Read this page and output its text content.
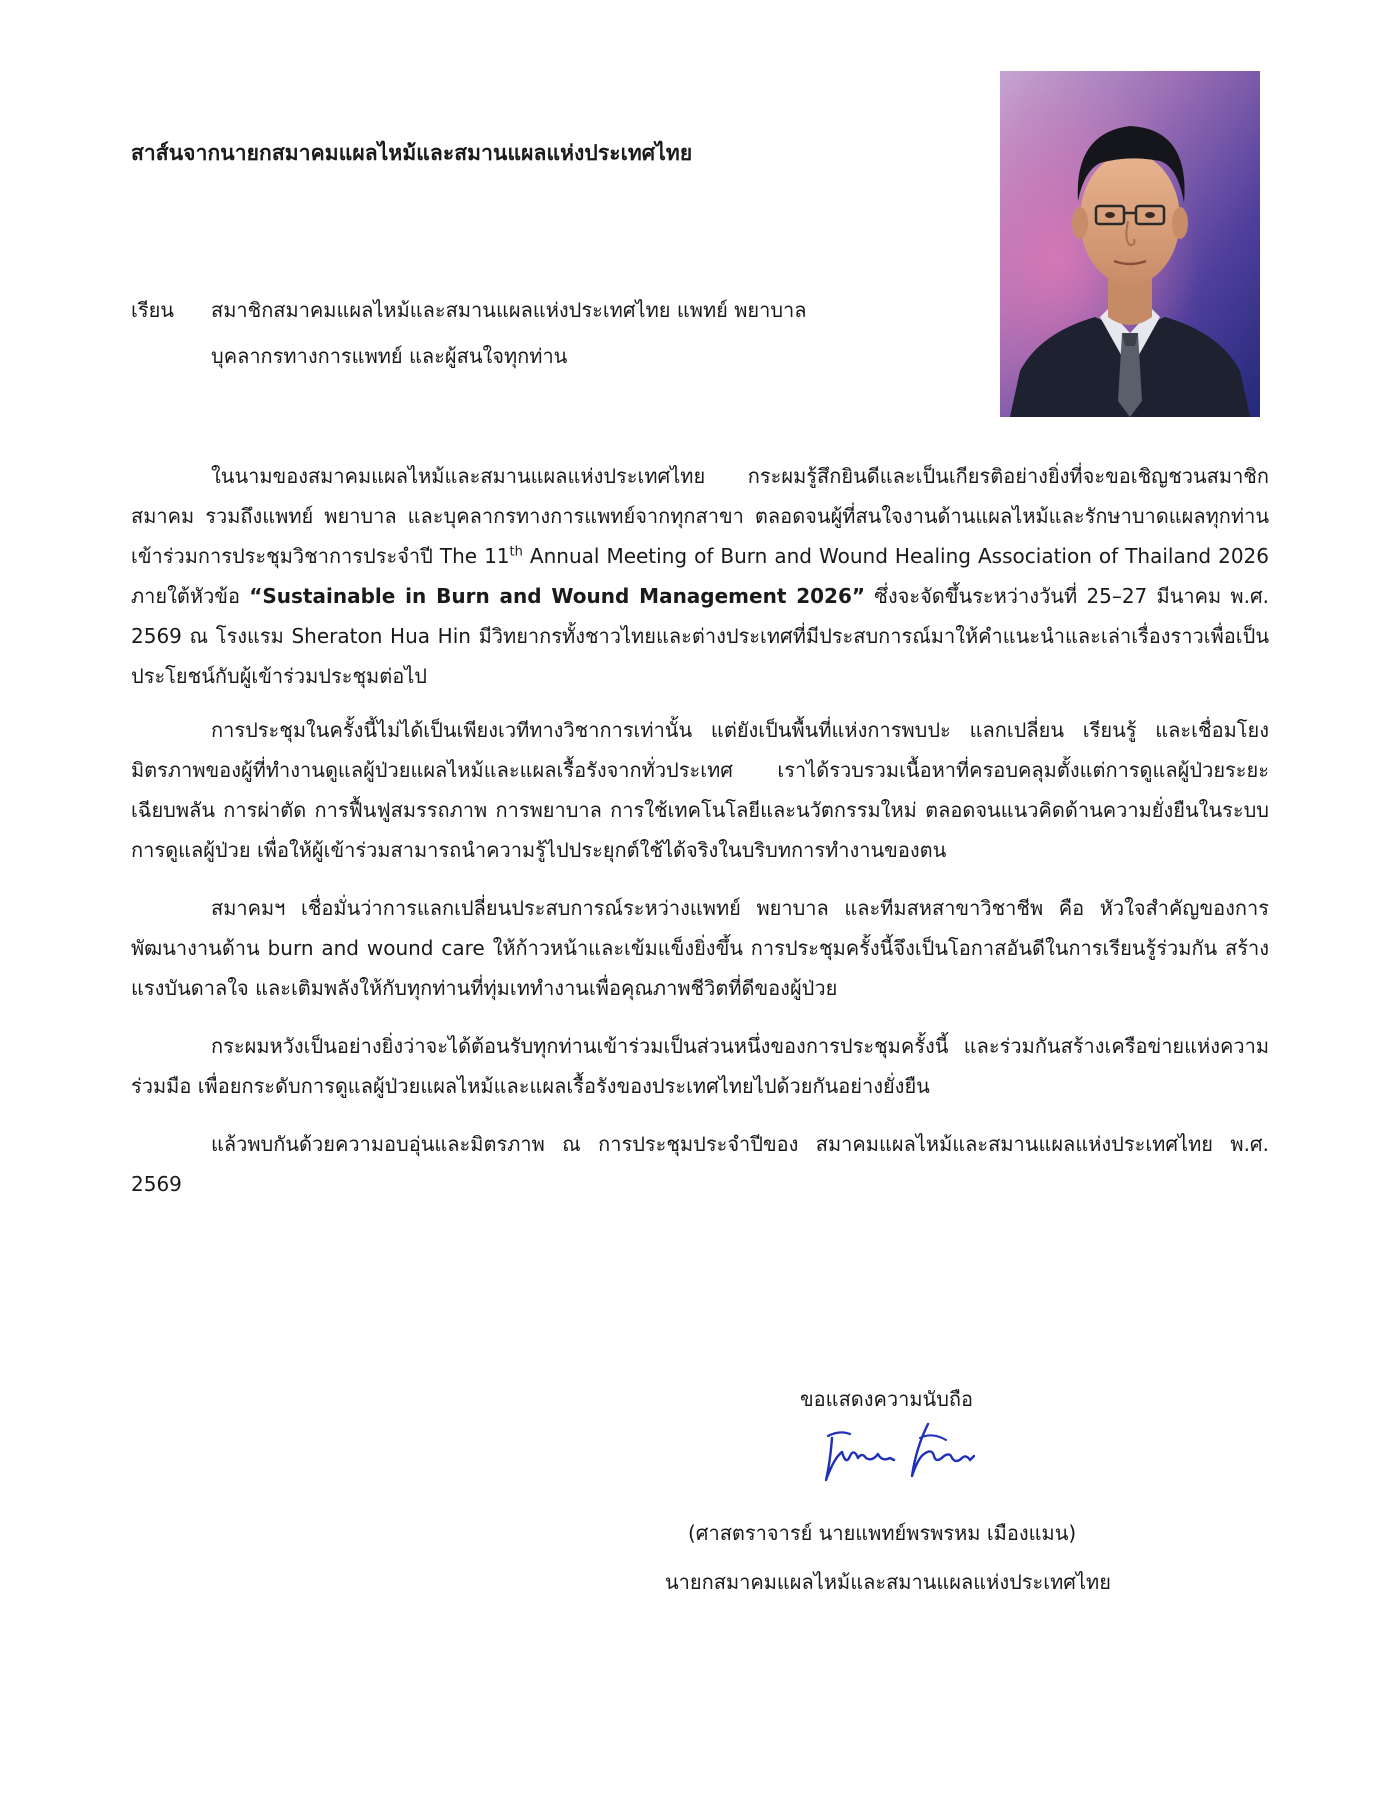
สาส์นจากนายกสมาคมแผลไหม้และสมานแผลแห่งประเทศไทย
เรียน สมาชิกสมาคมแผลไหม้และสมานแผลแห่งประเทศไทย แพทย์ พยาบาล
บุคลากรทางการแพทย์ และผู้สนใจทุกท่าน

ในนามของสมาคมแผลไหม้และสมานแผลแห่งประเทศไทย กระผมรู้สึกยินดีและเป็นเกียรติอย่างยิ่งที่จะขอเชิญชวนสมาชิกสมาคม รวมถึงแพทย์ พยาบาล และบุคลากรทางการแพทย์จากทุกสาขา ตลอดจนผู้ที่สนใจงานด้านแผลไหม้และรักษาบาดแผลทุกท่านเข้าร่วมการประชุมวิชาการประจำปี The 11th Annual Meeting of Burn and Wound Healing Association of Thailand 2026 ภายใต้หัวข้อ “Sustainable in Burn and Wound Management 2026” ซึ่งจะจัดขึ้นระหว่างวันที่ 25–27 มีนาคม พ.ศ. 2569 ณ โรงแรม Sheraton Hua Hin มีวิทยากรทั้งชาวไทยและต่างประเทศที่มีประสบการณ์มาให้คำแนะนำและเล่าเรื่องราวเพื่อเป็นประโยชน์กับผู้เข้าร่วมประชุมต่อไป

การประชุมในครั้งนี้ไม่ได้เป็นเพียงเวทีทางวิชาการเท่านั้น แต่ยังเป็นพื้นที่แห่งการพบปะ แลกเปลี่ยน เรียนรู้ และเชื่อมโยงมิตรภาพของผู้ที่ทำงานดูแลผู้ป่วยแผลไหม้และแผลเรื้อรังจากทั่วประเทศ เราได้รวบรวมเนื้อหาที่ครอบคลุมตั้งแต่การดูแลผู้ป่วยระยะเฉียบพลัน การผ่าตัด การฟื้นฟูสมรรถภาพ การพยาบาล การใช้เทคโนโลยีและนวัตกรรมใหม่ ตลอดจนแนวคิดด้านความยั่งยืนในระบบการดูแลผู้ป่วย เพื่อให้ผู้เข้าร่วมสามารถนำความรู้ไปประยุกต์ใช้ได้จริงในบริบทการทำงานของตน

สมาคมฯ เชื่อมั่นว่าการแลกเปลี่ยนประสบการณ์ระหว่างแพทย์ พยาบาล และทีมสหสาขาวิชาชีพ คือ หัวใจสำคัญของการพัฒนางานด้าน burn and wound care ให้ก้าวหน้าและเข้มแข็งยิ่งขึ้น การประชุมครั้งนี้จึงเป็นโอกาสอันดีในการเรียนรู้ร่วมกัน สร้างแรงบันดาลใจ และเติมพลังให้กับทุกท่านที่ทุ่มเททำงานเพื่อคุณภาพชีวิตที่ดีของผู้ป่วย

กระผมหวังเป็นอย่างยิ่งว่าจะได้ต้อนรับทุกท่านเข้าร่วมเป็นส่วนหนึ่งของการประชุมครั้งนี้ และร่วมกันสร้างเครือข่ายแห่งความร่วมมือ เพื่อยกระดับการดูแลผู้ป่วยแผลไหม้และแผลเรื้อรังของประเทศไทยไปด้วยกันอย่างยั่งยืน

แล้วพบกันด้วยความอบอุ่นและมิตรภาพ ณ การประชุมประจำปีของ สมาคมแผลไหม้และสมานแผลแห่งประเทศไทย พ.ศ. 2569

ขอแสดงความนับถือ
(ศาสตราจารย์ นายแพทย์พรพรหม เมืองแมน)
นายกสมาคมแผลไหม้และสมานแผลแห่งประเทศไทย
